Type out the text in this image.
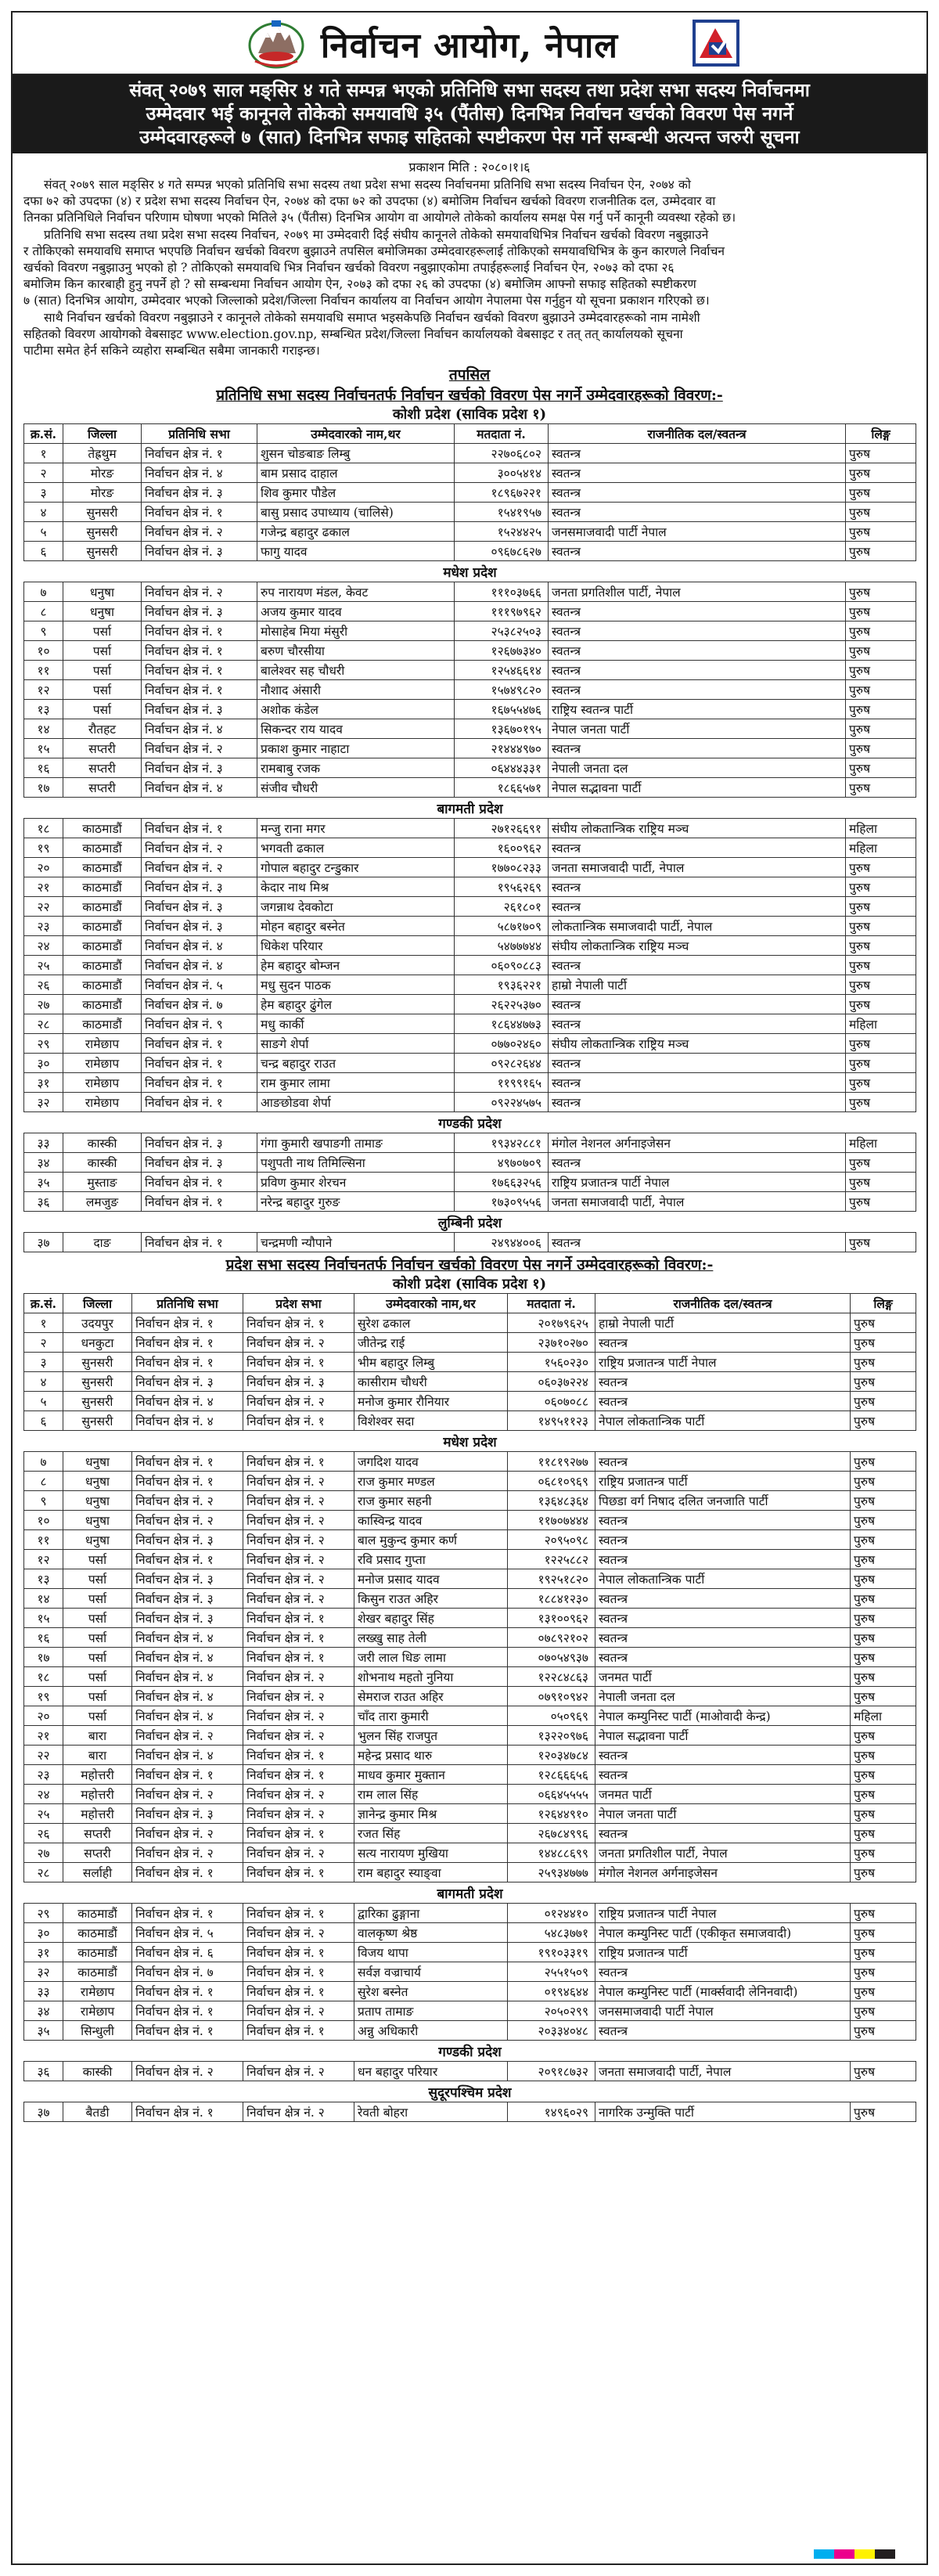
निर्वाचन आयोग, नेपाल
संवत् २०७९ साल मङ्सिर ४ गते सम्पन्न भएको प्रतिनिधि सभा सदस्य तथा प्रदेश सभा सदस्य निर्वाचनमा
उम्मेदवार भई कानूनले तोकेको समयावधि ३५ (पैंतीस) दिनभित्र निर्वाचन खर्चको विवरण पेस नगर्ने
उम्मेदवारहरूले ७ (सात) दिनभित्र सफाइ सहितको स्पष्टीकरण पेस गर्ने सम्बन्धी अत्यन्त जरुरी सूचना
प्रकाशन मिति : २०८०।१।६
संवत् २०७९ साल मङ्सिर ४ गते सम्पन्न भएको प्रतिनिधि सभा सदस्य तथा प्रदेश सभा सदस्य निर्वाचनमा प्रतिनिधि सभा सदस्य निर्वाचन ऐन, २०७४ को
दफा ७२ को उपदफा (४) र प्रदेश सभा सदस्य निर्वाचन ऐन, २०७४ को दफा ७२ को उपदफा (४) बमोजिम निर्वाचन खर्चको विवरण राजनीतिक दल, उम्मेदवार वा
तिनका प्रतिनिधिले निर्वाचन परिणाम घोषणा भएको मितिले ३५ (पैंतीस) दिनभित्र आयोग वा आयोगले तोकेको कार्यालय समक्ष पेस गर्नु पर्ने कानूनी व्यवस्था रहेको छ।
प्रतिनिधि सभा सदस्य तथा प्रदेश सभा सदस्य निर्वाचन, २०७९ मा उम्मेदवारी दिई संघीय कानूनले तोकेको समयावधिभित्र निर्वाचन खर्चको विवरण नबुझाउने
र तोकिएको समयावधि समाप्त भएपछि निर्वाचन खर्चको विवरण बुझाउने तपसिल बमोजिमका उम्मेदवारहरूलाई तोकिएको समयावधिभित्र के कुन कारणले निर्वाचन
खर्चको विवरण नबुझाउनु भएको हो ? तोकिएको समयावधि भित्र निर्वाचन खर्चको विवरण नबुझाएकोमा तपाईहरूलाई निर्वाचन ऐन, २०७३ को दफा २६
बमोजिम किन कारबाही हुनु नपर्ने हो ? सो सम्बन्धमा निर्वाचन आयोग ऐन, २०७३ को दफा २६ को उपदफा (४) बमोजिम आफ्नो सफाइ सहितको स्पष्टीकरण
७ (सात) दिनभित्र आयोग, उम्मेदवार भएको जिल्लाको प्रदेश/जिल्ला निर्वाचन कार्यालय वा निर्वाचन आयोग नेपालमा पेस गर्नुहुन यो सूचना प्रकाशन गरिएको छ।
साथै निर्वाचन खर्चको विवरण नबुझाउने र कानूनले तोकेको समयावधि समाप्त भइसकेपछि निर्वाचन खर्चको विवरण बुझाउने उम्मेदवारहरूको नाम नामेशी
सहितको विवरण आयोगको वेबसाइट www.election.gov.np, सम्बन्धित प्रदेश/जिल्ला निर्वाचन कार्यालयको वेबसाइट र तत् तत् कार्यालयको सूचना
पाटीमा समेत हेर्न सकिने व्यहोरा सम्बन्धित सबैमा जानकारी गराइन्छ।
तपसिल
प्रतिनिधि सभा सदस्य निर्वाचनतर्फ निर्वाचन खर्चको विवरण पेस नगर्ने उम्मेदवारहरूको विवरण:-
कोशी प्रदेश (साविक प्रदेश १)
क्र.सं.	जिल्ला	प्रतिनिधि सभा	उम्मेदवारको नाम,थर	मतदाता नं.	राजनीतिक दल/स्वतन्त्र	लिङ्ग
१	तेह्रथुम	निर्वाचन क्षेत्र नं. १	शुसन चोङबाङ लिम्बु	२२७०६८०२	स्वतन्त्र	पुरुष
२	मोरङ	निर्वाचन क्षेत्र नं. ४	बाम प्रसाद दाहाल	३००५४१४	स्वतन्त्र	पुरुष
३	मोरङ	निर्वाचन क्षेत्र नं. ३	शिव कुमार पौडेल	१८९६७२२१	स्वतन्त्र	पुरुष
४	सुनसरी	निर्वाचन क्षेत्र नं. १	बासु प्रसाद उपाध्याय (चालिसे)	१५४१९५७	स्वतन्त्र	पुरुष
५	सुनसरी	निर्वाचन क्षेत्र नं. २	गजेन्द्र बहादुर ढकाल	१५२४४२५	जनसमाजवादी पार्टी नेपाल	पुरुष
६	सुनसरी	निर्वाचन क्षेत्र नं. ३	फागु यादव	०९६७८६२७	स्वतन्त्र	पुरुष
मधेश प्रदेश						
७	धनुषा	निर्वाचन क्षेत्र नं. २	रुप नारायण मंडल, केवट	१११०३७६६	जनता प्रगतिशील पार्टी, नेपाल	पुरुष
८	धनुषा	निर्वाचन क्षेत्र नं. ३	अजय कुमार यादव	१११९७९६२	स्वतन्त्र	पुरुष
९	पर्सा	निर्वाचन क्षेत्र नं. १	मोसाहेब मिया मंसुरी	२५३८२५०३	स्वतन्त्र	पुरुष
१०	पर्सा	निर्वाचन क्षेत्र नं. १	बरुण चौरसीया	१२६७७३४०	स्वतन्त्र	पुरुष
११	पर्सा	निर्वाचन क्षेत्र नं. १	बालेश्वर सह चौधरी	१२५४६६१४	स्वतन्त्र	पुरुष
१२	पर्सा	निर्वाचन क्षेत्र नं. १	नौशाद अंसारी	१५७४९८२०	स्वतन्त्र	पुरुष
१३	पर्सा	निर्वाचन क्षेत्र नं. ३	अशोक कंडेल	१६७५५४७६	राष्ट्रिय स्वतन्त्र पार्टी	पुरुष
१४	रौतहट	निर्वाचन क्षेत्र नं. ४	सिकन्दर राय यादव	१३६७०१९५	नेपाल जनता पार्टी	पुरुष
१५	सप्तरी	निर्वाचन क्षेत्र नं. २	प्रकाश कुमार नाहाटा	२१४४४९७०	स्वतन्त्र	पुरुष
१६	सप्तरी	निर्वाचन क्षेत्र नं. ३	रामबाबु रजक	०६४४४३३१	नेपाली जनता दल	पुरुष
१७	सप्तरी	निर्वाचन क्षेत्र नं. ४	संजीव चौधरी	१८६६५७१	नेपाल सद्भावना पार्टी	पुरुष
बागमती प्रदेश						
१८	काठमाडौं	निर्वाचन क्षेत्र नं. १	मन्जु राना मगर	२७१२६६९१	संघीय लोकतान्त्रिक राष्ट्रिय मञ्च	महिला
१९	काठमाडौं	निर्वाचन क्षेत्र नं. २	भगवती ढकाल	१६००९६२	स्वतन्त्र	महिला
२०	काठमाडौं	निर्वाचन क्षेत्र नं. २	गोपाल बहादुर टन्डुकार	१७७०८२३३	जनता समाजवादी पार्टी, नेपाल	पुरुष
२१	काठमाडौं	निर्वाचन क्षेत्र नं. ३	केदार नाथ मिश्र	१९५६२६९	स्वतन्त्र	पुरुष
२२	काठमाडौं	निर्वाचन क्षेत्र नं. ३	जगन्नाथ देवकोटा	२६१८०१	स्वतन्त्र	पुरुष
२३	काठमाडौं	निर्वाचन क्षेत्र नं. ३	मोहन बहादुर बस्नेत	५८७१७०९	लोकतान्त्रिक समाजवादी पार्टी, नेपाल	पुरुष
२४	काठमाडौं	निर्वाचन क्षेत्र नं. ४	धिकेश परियार	५४७७७४४	संघीय लोकतान्त्रिक राष्ट्रिय मञ्च	पुरुष
२५	काठमाडौं	निर्वाचन क्षेत्र नं. ४	हेम बहादुर बोम्जन	०६०९०८८३	स्वतन्त्र	पुरुष
२६	काठमाडौं	निर्वाचन क्षेत्र नं. ५	मधु सुदन पाठक	१९३६२२१	हाम्रो नेपाली पार्टी	पुरुष
२७	काठमाडौं	निर्वाचन क्षेत्र नं. ७	हेम बहादुर ढुंगेल	२६२२५३७०	स्वतन्त्र	पुरुष
२८	काठमाडौं	निर्वाचन क्षेत्र नं. ९	मधु कार्की	१८६४४७७३	स्वतन्त्र	महिला
२९	रामेछाप	निर्वाचन क्षेत्र नं. १	साङगे शेर्पा	०७७०२४६०	संघीय लोकतान्त्रिक राष्ट्रिय मञ्च	पुरुष
३०	रामेछाप	निर्वाचन क्षेत्र नं. १	चन्द्र बहादुर राउत	०९२८२६४४	स्वतन्त्र	पुरुष
३१	रामेछाप	निर्वाचन क्षेत्र नं. १	राम कुमार लामा	११९९१६५	स्वतन्त्र	पुरुष
३२	रामेछाप	निर्वाचन क्षेत्र नं. १	आङछोडवा शेर्पा	०९२२४५७५	स्वतन्त्र	पुरुष
गण्डकी प्रदेश						
३३	कास्की	निर्वाचन क्षेत्र नं. ३	गंगा कुमारी खपाङगी तामाङ	१९३४२८८१	मंगोल नेशनल अर्गनाइजेसन	महिला
३४	कास्की	निर्वाचन क्षेत्र नं. ३	पशुपती नाथ तिमिल्सिना	४९७०७०९	स्वतन्त्र	पुरुष
३५	मुस्ताङ	निर्वाचन क्षेत्र नं. १	प्रविण कुमार शेरचन	१७६६३२५६	राष्ट्रिय प्रजातन्त्र पार्टी नेपाल	पुरुष
३६	लमजुङ	निर्वाचन क्षेत्र नं. १	नरेन्द्र बहादुर गुरुङ	१७३०९५५६	जनता समाजवादी पार्टी, नेपाल	पुरुष
लुम्बिनी प्रदेश						
३७	दाङ	निर्वाचन क्षेत्र नं. १	चन्द्रमणी न्यौपाने	२४९४४००६	स्वतन्त्र	पुरुष
प्रदेश सभा सदस्य निर्वाचनतर्फ निर्वाचन खर्चको विवरण पेस नगर्ने उम्मेदवारहरूको विवरण:-
कोशी प्रदेश (साविक प्रदेश १)
क्र.सं.	जिल्ला	प्रतिनिधि सभा	प्रदेश सभा	उम्मेदवारको नाम,थर	मतदाता नं.	राजनीतिक दल/स्वतन्त्र	लिङ्ग
१	उदयपुर	निर्वाचन क्षेत्र नं. १	निर्वाचन क्षेत्र नं. १	सुरेश ढकाल	२०१७९६२५	हाम्रो नेपाली पार्टी	पुरुष
२	धनकुटा	निर्वाचन क्षेत्र नं. १	निर्वाचन क्षेत्र नं. २	जीतेन्द्र राई	२३७१०२७०	स्वतन्त्र	पुरुष
३	सुनसरी	निर्वाचन क्षेत्र नं. १	निर्वाचन क्षेत्र नं. १	भीम बहादुर लिम्बु	१५६०२३०	राष्ट्रिय प्रजातन्त्र पार्टी नेपाल	पुरुष
४	सुनसरी	निर्वाचन क्षेत्र नं. ३	निर्वाचन क्षेत्र नं. ३	कासीराम चौधरी	०६०३७२२४	स्वतन्त्र	पुरुष
५	सुनसरी	निर्वाचन क्षेत्र नं. ४	निर्वाचन क्षेत्र नं. २	मनोज कुमार रौनियार	०६०७०८८	स्वतन्त्र	पुरुष
६	सुनसरी	निर्वाचन क्षेत्र नं. ४	निर्वाचन क्षेत्र नं. १	विशेश्वर सदा	१४९५११२३	नेपाल लोकतान्त्रिक पार्टी	पुरुष
मधेश प्रदेश							
७	धनुषा	निर्वाचन क्षेत्र नं. १	निर्वाचन क्षेत्र नं. १	जगदिश यादव	११८१९२७७	स्वतन्त्र	पुरुष
८	धनुषा	निर्वाचन क्षेत्र नं. १	निर्वाचन क्षेत्र नं. २	राज कुमार मण्डल	०६८१०९६९	राष्ट्रिय प्रजातन्त्र पार्टी	पुरुष
९	धनुषा	निर्वाचन क्षेत्र नं. २	निर्वाचन क्षेत्र नं. २	राज कुमार सहनी	१३६४८३६४	पिछडा वर्ग निषाद दलित जनजाति पार्टी	पुरुष
१०	धनुषा	निर्वाचन क्षेत्र नं. २	निर्वाचन क्षेत्र नं. २	कास्विन्द्र यादव	११७०७४४४	स्वतन्त्र	पुरुष
११	धनुषा	निर्वाचन क्षेत्र नं. ३	निर्वाचन क्षेत्र नं. २	बाल मुकुन्द कुमार कर्ण	२०९५०९८	स्वतन्त्र	पुरुष
१२	पर्सा	निर्वाचन क्षेत्र नं. १	निर्वाचन क्षेत्र नं. २	रवि प्रसाद गुप्ता	१२२५८८२	स्वतन्त्र	पुरुष
१३	पर्सा	निर्वाचन क्षेत्र नं. ३	निर्वाचन क्षेत्र नं. २	मनोज प्रसाद यादव	१९२५१८२०	नेपाल लोकतान्त्रिक पार्टी	पुरुष
१४	पर्सा	निर्वाचन क्षेत्र नं. ३	निर्वाचन क्षेत्र नं. २	किसुन राउत अहिर	१८८४१२३०	स्वतन्त्र	पुरुष
१५	पर्सा	निर्वाचन क्षेत्र नं. ३	निर्वाचन क्षेत्र नं. १	शेखर बहादुर सिंह	१३१००९६२	स्वतन्त्र	पुरुष
१६	पर्सा	निर्वाचन क्षेत्र नं. ४	निर्वाचन क्षेत्र नं. १	लख्खु साह तेली	०७८९२१०२	स्वतन्त्र	पुरुष
१७	पर्सा	निर्वाचन क्षेत्र नं. ४	निर्वाचन क्षेत्र नं. १	जरी लाल धिङ लामा	०७०५४९३७	स्वतन्त्र	पुरुष
१८	पर्सा	निर्वाचन क्षेत्र नं. ४	निर्वाचन क्षेत्र नं. २	शोभनाथ महतो नुनिया	१२२८४८६३	जनमत पार्टी	पुरुष
१९	पर्सा	निर्वाचन क्षेत्र नं. ४	निर्वाचन क्षेत्र नं. २	सेमराज राउत अहिर	०७९१०९४२	नेपाली जनता दल	पुरुष
२०	पर्सा	निर्वाचन क्षेत्र नं. ४	निर्वाचन क्षेत्र नं. २	चाँद तारा कुमारी	०५०९६९	नेपाल कम्युनिस्ट पार्टी (माओवादी केन्द्र)	महिला
२१	बारा	निर्वाचन क्षेत्र नं. २	निर्वाचन क्षेत्र नं. २	भुलन सिंह राजपुत	१३२२०९७६	नेपाल सद्भावना पार्टी	पुरुष
२२	बारा	निर्वाचन क्षेत्र नं. ४	निर्वाचन क्षेत्र नं. १	महेन्द्र प्रसाद थारु	१२०३४७८४	स्वतन्त्र	पुरुष
२३	महोत्तरी	निर्वाचन क्षेत्र नं. १	निर्वाचन क्षेत्र नं. १	माधव कुमार मुक्तान	१२८६६६५६	स्वतन्त्र	पुरुष
२४	महोत्तरी	निर्वाचन क्षेत्र नं. २	निर्वाचन क्षेत्र नं. २	राम लाल सिंह	०६६४५५५५	जनमत पार्टी	पुरुष
२५	महोत्तरी	निर्वाचन क्षेत्र नं. ३	निर्वाचन क्षेत्र नं. २	ज्ञानेन्द्र कुमार मिश्र	१२६४४९१०	नेपाल जनता पार्टी	पुरुष
२६	सप्तरी	निर्वाचन क्षेत्र नं. २	निर्वाचन क्षेत्र नं. १	रजत सिंह	२६७८४९९६	स्वतन्त्र	पुरुष
२७	सप्तरी	निर्वाचन क्षेत्र नं. २	निर्वाचन क्षेत्र नं. २	सत्य नारायण मुखिया	१४४८८६९९	जनता प्रगतिशील पार्टी, नेपाल	पुरुष
२८	सर्लाही	निर्वाचन क्षेत्र नं. १	निर्वाचन क्षेत्र नं. १	राम बहादुर स्याङ्वा	२५९३४७७७	मंगोल नेशनल अर्गनाइजेसन	पुरुष
बागमती प्रदेश							
२९	काठमाडौं	निर्वाचन क्षेत्र नं. १	निर्वाचन क्षेत्र नं. १	द्वारिका ढुङ्गाना	०१२४४१०	राष्ट्रिय प्रजातन्त्र पार्टी नेपाल	पुरुष
३०	काठमाडौं	निर्वाचन क्षेत्र नं. ५	निर्वाचन क्षेत्र नं. २	वालकृष्ण श्रेष्ठ	५४८३७७१	नेपाल कम्युनिस्ट पार्टी (एकीकृत समाजवादी)	पुरुष
३१	काठमाडौं	निर्वाचन क्षेत्र नं. ६	निर्वाचन क्षेत्र नं. १	विजय थापा	१९१०३३१९	राष्ट्रिय प्रजातन्त्र पार्टी	पुरुष
३२	काठमाडौं	निर्वाचन क्षेत्र नं. ७	निर्वाचन क्षेत्र नं. १	सर्वज्ञ वज्राचार्य	२५५१५०९	स्वतन्त्र	पुरुष
३३	रामेछाप	निर्वाचन क्षेत्र नं. १	निर्वाचन क्षेत्र नं. १	सुरेश बस्नेत	०१९४६४४	नेपाल कम्युनिस्ट पार्टी (मार्क्सवादी लेनिनवादी)	पुरुष
३४	रामेछाप	निर्वाचन क्षेत्र नं. १	निर्वाचन क्षेत्र नं. २	प्रताप तामाङ	२०५०२९९	जनसमाजवादी पार्टी नेपाल	पुरुष
३५	सिन्धुली	निर्वाचन क्षेत्र नं. १	निर्वाचन क्षेत्र नं. १	अन्नु अधिकारी	२०३३४०४८	स्वतन्त्र	पुरुष
गण्डकी प्रदेश							
३६	कास्की	निर्वाचन क्षेत्र नं. २	निर्वाचन क्षेत्र नं. २	धन बहादुर परियार	२०९१८७३२	जनता समाजवादी पार्टी, नेपाल	पुरुष
सुदूरपश्चिम प्रदेश							
३७	बैतडी	निर्वाचन क्षेत्र नं. १	निर्वाचन क्षेत्र नं. २	रेवती बोहरा	१४९६०२९	नागरिक उन्मुक्ति पार्टी	पुरुष
